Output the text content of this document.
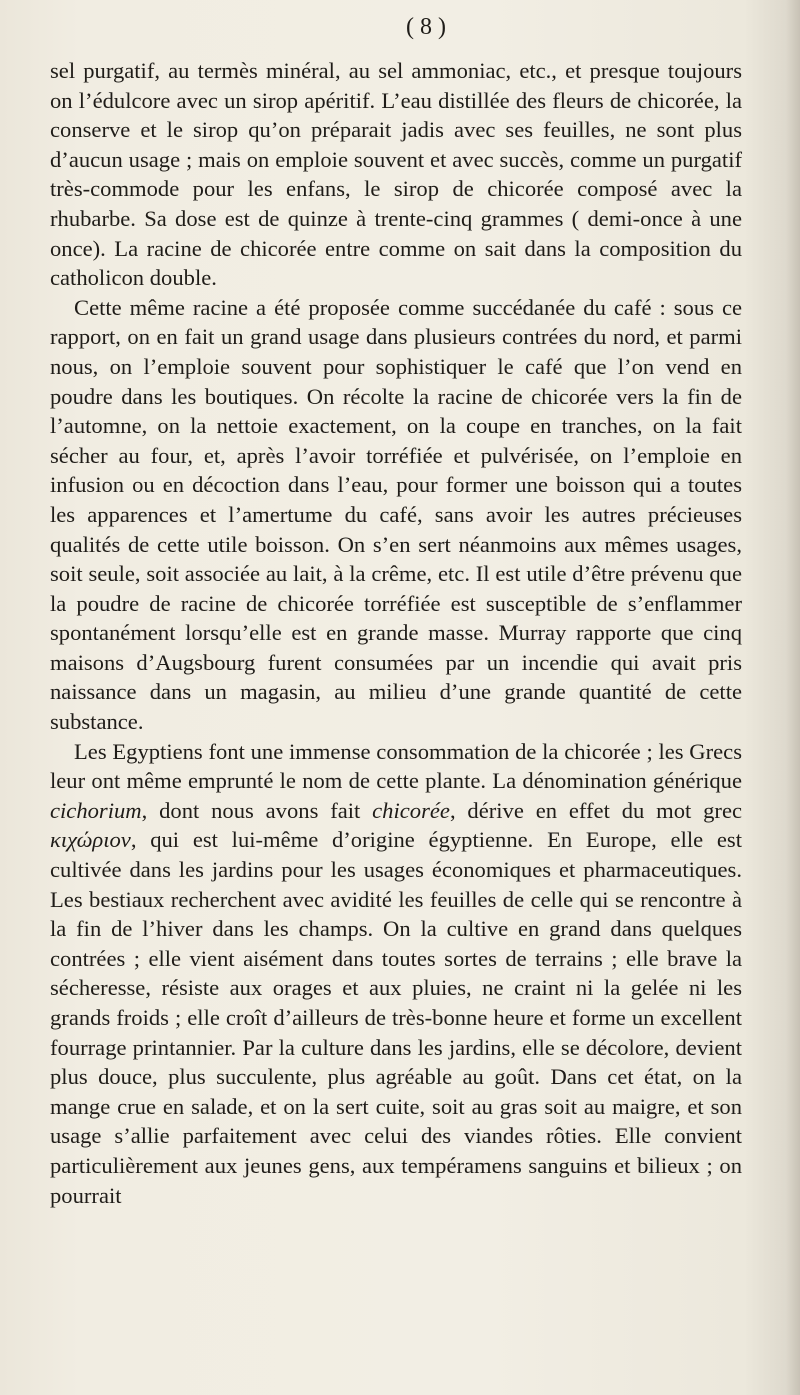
( 8 )

sel purgatif, au termès minéral, au sel ammoniac, etc., et presque toujours on l’édulcore avec un sirop apéritif. L’eau distillée des fleurs de chicorée, la conserve et le sirop qu’on préparait jadis avec ses feuilles, ne sont plus d’aucun usage ; mais on emploie souvent et avec succès, comme un purgatif très-commode pour les enfans, le sirop de chicorée composé avec la rhubarbe. Sa dose est de quinze à trente-cinq grammes ( demi-once à une once). La racine de chicorée entre comme on sait dans la composition du catholicon double.

Cette même racine a été proposée comme succédanée du café : sous ce rapport, on en fait un grand usage dans plusieurs contrées du nord, et parmi nous, on l’emploie souvent pour sophistiquer le café que l’on vend en poudre dans les boutiques. On récolte la racine de chicorée vers la fin de l’automne, on la nettoie exactement, on la coupe en tranches, on la fait sécher au four, et, après l’avoir torréfiée et pulvérisée, on l’emploie en infusion ou en décoction dans l’eau, pour former une boisson qui a toutes les apparences et l’amertume du café, sans avoir les autres précieuses qualités de cette utile boisson. On s’en sert néanmoins aux mêmes usages, soit seule, soit associée au lait, à la crême, etc. Il est utile d’être prévenu que la poudre de racine de chicorée torréfiée est susceptible de s’enflammer spontanément lorsqu’elle est en grande masse. Murray rapporte que cinq maisons d’Augsbourg furent consumées par un incendie qui avait pris naissance dans un magasin, au milieu d’une grande quantité de cette substance.

Les Egyptiens font une immense consommation de la chicorée ; les Grecs leur ont même emprunté le nom de cette plante. La dénomination générique cichorium, dont nous avons fait chicorée, dérive en effet du mot grec κιχώριον, qui est lui-même d’origine égyptienne. En Europe, elle est cultivée dans les jardins pour les usages économiques et pharmaceutiques. Les bestiaux recherchent avec avidité les feuilles de celle qui se rencontre à la fin de l’hiver dans les champs. On la cultive en grand dans quelques contrées ; elle vient aisément dans toutes sortes de terrains ; elle brave la sécheresse, résiste aux orages et aux pluies, ne craint ni la gelée ni les grands froids ; elle croît d’ailleurs de très-bonne heure et forme un excellent fourrage printannier. Par la culture dans les jardins, elle se décolore, devient plus douce, plus succulente, plus agréable au goût. Dans cet état, on la mange crue en salade, et on la sert cuite, soit au gras soit au maigre, et son usage s’allie parfaitement avec celui des viandes rôties. Elle convient particulièrement aux jeunes gens, aux tempéramens sanguins et bilieux ; on pourrait
